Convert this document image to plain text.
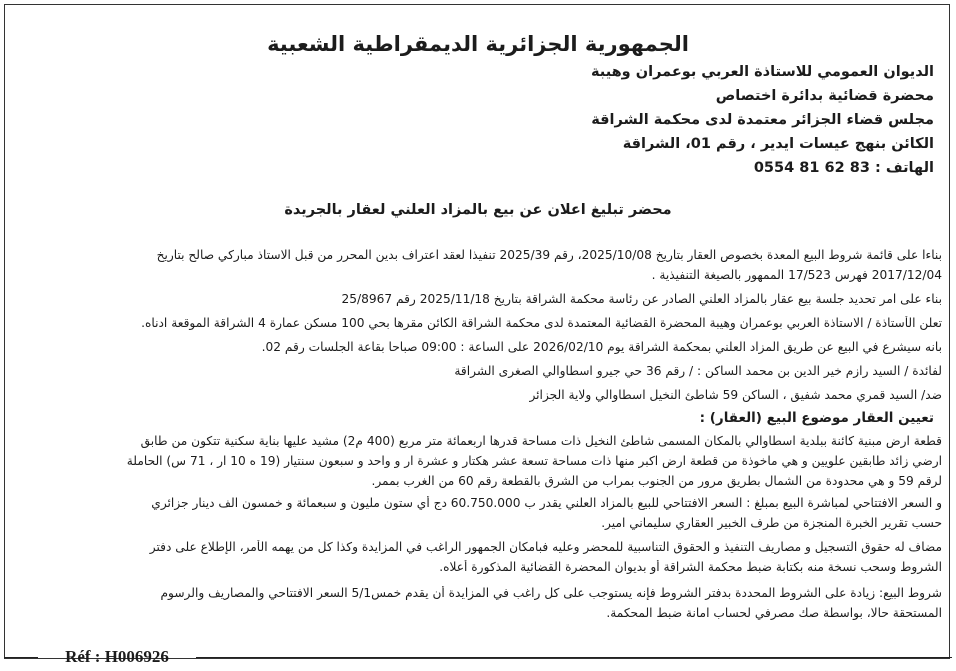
الجمهورية الجزائرية الديمقراطية الشعبية
الديوان العمومي للاستاذة العربي بوعمران وهيبة
محضرة قضائية بدائرة اختصاص
مجلس قضاء الجزائر معتمدة لدى محكمة الشراقة
الكائن بنهج عيسات ايدير ، رقم 01، الشراقة
الهاتف : 83 62 81 0554
محضر تبليغ اعلان عن بيع بالمزاد العلني لعقار بالجريدة
بناءا على قائمة شروط البيع المعدة بخصوص العقار بتاريخ 2025/10/08، رقم 2025/39 تنفيذا لعقد اعتراف بدين المحرر من قبل الاستاذ مباركي صالح بتاريخ
2017/12/04 فهرس 17/523 الممهور بالصيغة التنفيذية .
بناء على امر تحديد جلسة بيع عقار بالمزاد العلني الصادر عن رئاسة محكمة الشراقة بتاريخ 2025/11/18 رقم 25/8967
تعلن الأستاذة / الاستاذة العربي بوعمران وهيبة المحضرة القضائية المعتمدة لدى محكمة الشراقة الكائن مقرها بحي 100 مسكن عمارة 4 الشراقة الموقعة ادناه.
بانه سيشرع في البيع عن طريق المزاد العلني بمحكمة الشراقة يوم 2026/02/10 على الساعة : 09:00 صباحا بقاعة الجلسات رقم 02.
لفائدة / السيد رازم خير الدين بن محمد الساكن : / رقم 36 حي جيرو اسطاوالي الصغرى الشراقة
ضد/ السيد قمري محمد شفيق ، الساكن 59 شاطئ النخيل اسطاوالي ولاية الجزائر
تعيين العقار موضوع البيع (العقار) :
قطعة ارض مبنية كائنة ببلدية اسطاوالي بالمكان المسمى شاطئ النخيل ذات مساحة قدرها اربعمائة متر مربع (400 م2) مشيد عليها بناية سكنية تتكون من طابق
ارضي زائد طابقين علويين و هي ماخوذة من قطعة ارض اكبر منها ذات مساحة تسعة عشر هكتار و عشرة ار و واحد و سبعون سنتيار (19 ه 10 ار ، 71 س) الحاملة
لرقم 59 و هي محدودة من الشمال بطريق مرور من الجنوب بمراب من الشرق بالقطعة رقم 60 من الغرب بممر.
و السعر الافتتاحي لمباشرة البيع بمبلغ : السعر الافتتاحي للبيع بالمزاد العلني يقدر ب 60.750.000 دج أي ستون مليون و سبعمائة و خمسون الف دينار جزائري
حسب تقرير الخبرة المنجزة من طرف الخبير العقاري سليماني امير.
مضاف له حقوق التسجيل و مصاريف التنفيذ و الحقوق التناسبية للمحضر وعليه فبامكان الجمهور الراغب في المزايدة وكذا كل من يهمه الأمر، الإطلاع على دفتر
الشروط وسحب نسخة منه بكتابة ضبط محكمة الشراقة أو بديوان المحضرة القضائية المذكورة أعلاه.
شروط البيع: زيادة على الشروط المحددة بدفتر الشروط فإنه يستوجب على كل راغب في المزايدة أن يقدم خمس5/1 السعر الافتتاحي والمصاريف والرسوم
المستحقة حالا، بواسطة صك مصرفي لحساب امانة ضبط المحكمة.
Réf : H006926
